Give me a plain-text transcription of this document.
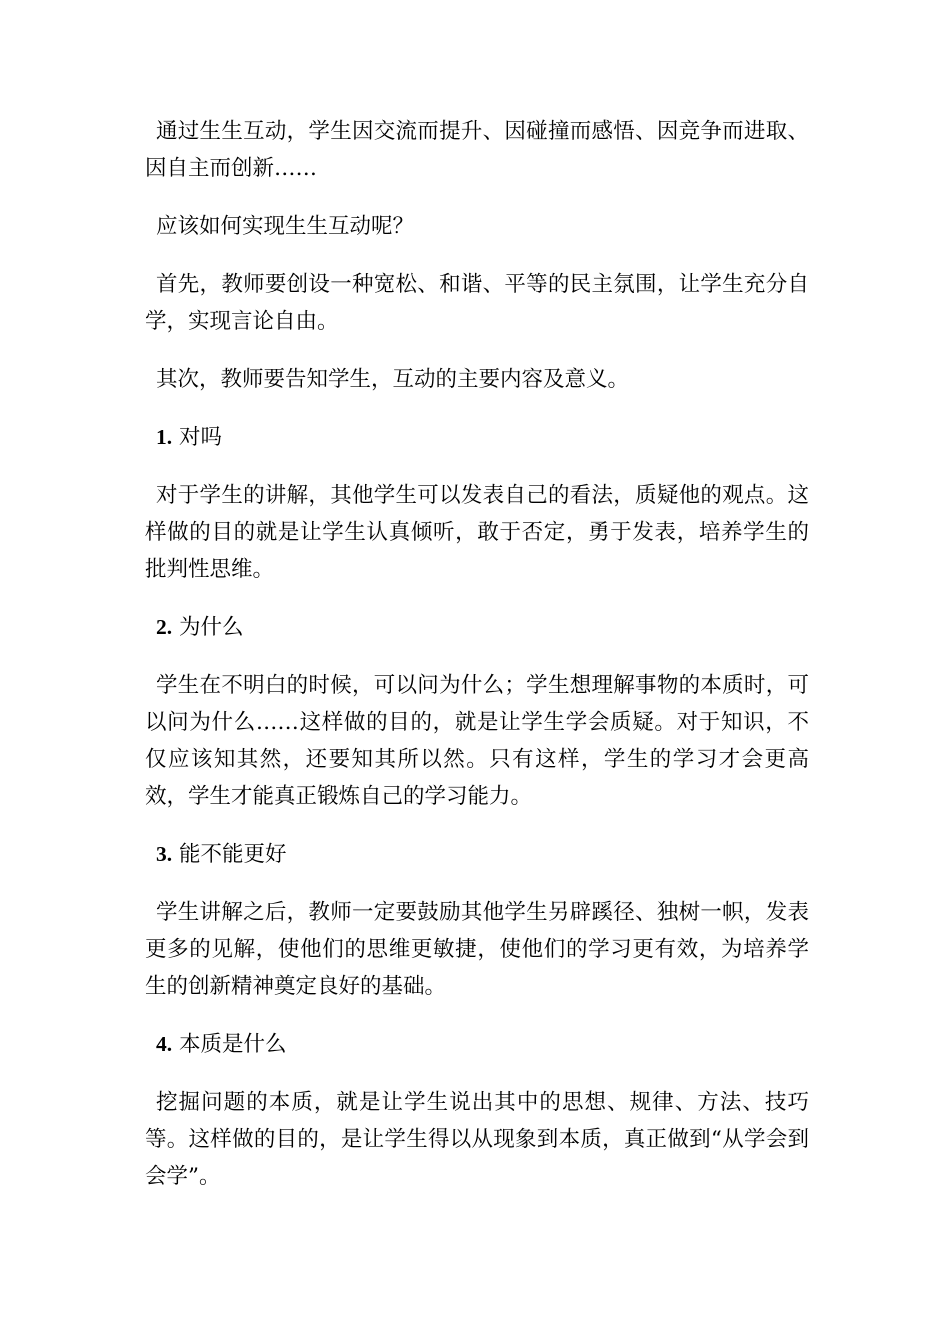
通过生生互动，学生因交流而提升、因碰撞而感悟、因竞争而进取、因自主而创新……

应该如何实现生生互动呢？

首先，教师要创设一种宽松、和谐、平等的民主氛围，让学生充分自学，实现言论自由。

其次，教师要告知学生，互动的主要内容及意义。

1. 对吗

对于学生的讲解，其他学生可以发表自己的看法，质疑他的观点。这样做的目的就是让学生认真倾听，敢于否定，勇于发表，培养学生的批判性思维。

2. 为什么

学生在不明白的时候，可以问为什么；学生想理解事物的本质时，可以问为什么……这样做的目的，就是让学生学会质疑。对于知识，不仅应该知其然，还要知其所以然。只有这样，学生的学习才会更高效，学生才能真正锻炼自己的学习能力。

3. 能不能更好

学生讲解之后，教师一定要鼓励其他学生另辟蹊径、独树一帜，发表更多的见解，使他们的思维更敏捷，使他们的学习更有效，为培养学生的创新精神奠定良好的基础。

4. 本质是什么

挖掘问题的本质，就是让学生说出其中的思想、规律、方法、技巧等。这样做的目的，是让学生得以从现象到本质，真正做到“从学会到会学”。
